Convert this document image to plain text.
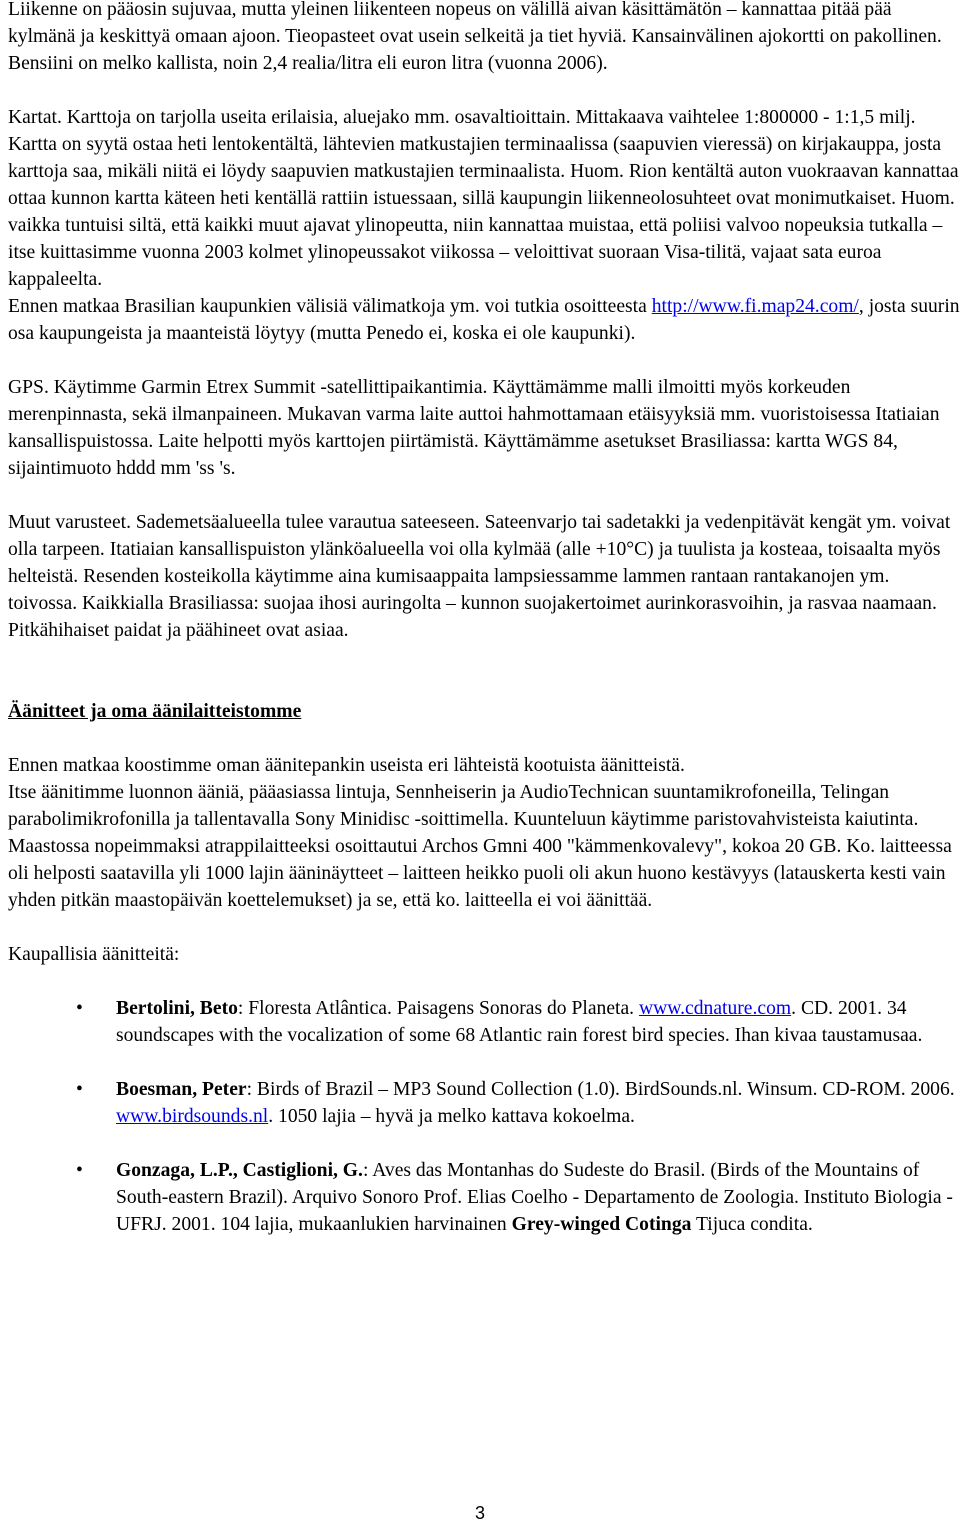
Liikenne on pääosin sujuvaa, mutta yleinen liikenteen nopeus on välillä aivan käsittämätön – kannattaa pitää pää kylmänä ja keskittyä omaan ajoon. Tieopasteet ovat usein selkeitä ja tiet hyviä. Kansainvälinen ajokortti on pakollinen. Bensiini on melko kallista, noin 2,4 realia/litra eli euron litra (vuonna 2006).

Kartat. Karttoja on tarjolla useita erilaisia, aluejako mm. osavaltioittain. Mittakaava vaihtelee 1:800000 - 1:1,5 milj. Kartta on syytä ostaa heti lentokentältä, lähtevien matkustajien terminaalissa (saapuvien vieressä) on kirjakauppa, josta karttoja saa, mikäli niitä ei löydy saapuvien matkustajien terminaalista. Huom. Rion kentältä auton vuokraavan kannattaa ottaa kunnon kartta käteen heti kentällä rattiin istuessaan, sillä kaupungin liikenneolosuhteet ovat monimutkaiset. Huom. vaikka tuntuisi siltä, että kaikki muut ajavat ylinopeutta, niin kannattaa muistaa, että poliisi valvoo nopeuksia tutkalla – itse kuittasimme vuonna 2003 kolmet ylinopeussakot viikossa – veloittivat suoraan Visa-tilitä, vajaat sata euroa kappaleelta.

Ennen matkaa Brasilian kaupunkien välisiä välimatkoja ym. voi tutkia osoitteesta http://www.fi.map24.com/, josta suurin osa kaupungeista ja maanteistä löytyy (mutta Penedo ei, koska ei ole kaupunki).

GPS. Käytimme Garmin Etrex Summit -satellittipaikantimia. Käyttämämme malli ilmoitti myös korkeuden merenpinnasta, sekä ilmanpaineen. Mukavan varma laite auttoi hahmottamaan etäisyyksiä mm. vuoristoisessa Itatiaian kansallispuistossa. Laite helpotti myös karttojen piirtämistä. Käyttämämme asetukset Brasiliassa: kartta WGS 84, sijaintimuoto hddd mm 'ss 's.

Muut varusteet. Sademetsäalueella tulee varautua sateeseen. Sateenvarjo tai sadetakki ja vedenpitävät kengät ym. voivat olla tarpeen. Itatiaian kansallispuiston ylänköalueella voi olla kylmää (alle +10°C) ja tuulista ja kosteaa, toisaalta myös helteistä. Resenden kosteikolla käytimme aina kumisaappaita lampsiessamme lammen rantaan rantakanojen ym. toivossa. Kaikkialla Brasiliassa: suojaa ihosi auringolta – kunnon suojakertoimet aurinkorasvoihin, ja rasvaa naamaan. Pitkähihaiset paidat ja päähineet ovat asiaa.

Äänitteet ja oma äänilaitteistomme

Ennen matkaa koostimme oman äänitepankin useista eri lähteistä kootuista äänitteistä.

Itse äänitimme luonnon ääniä, pääasiassa lintuja, Sennheiserin ja AudioTechnican suuntamikrofoneilla, Telingan parabolimikrofonilla ja tallentavalla Sony Minidisc -soittimella. Kuunteluun käytimme paristovahvisteista kaiutinta.

Maastossa nopeimmaksi atrappilaitteeksi osoittautui Archos Gmni 400 "kämmenkovalevy", kokoa 20 GB. Ko. laitteessa oli helposti saatavilla yli 1000 lajin ääninäytteet – laitteen heikko puoli oli akun huono kestävyys (latauskerta kesti vain yhden pitkän maastopäivän koettelemukset) ja se, että ko. laitteella ei voi äänittää.

Kaupallisia äänitteitä:

• Bertolini, Beto: Floresta Atlântica. Paisagens Sonoras do Planeta. www.cdnature.com. CD. 2001. 34 soundscapes with the vocalization of some 68 Atlantic rain forest bird species. Ihan kivaa taustamusaa.
• Boesman, Peter: Birds of Brazil – MP3 Sound Collection (1.0). BirdSounds.nl. Winsum. CD-ROM. 2006. www.birdsounds.nl. 1050 lajia – hyvä ja melko kattava kokoelma.
• Gonzaga, L.P., Castiglioni, G.: Aves das Montanhas do Sudeste do Brasil. (Birds of the Mountains of South-eastern Brazil). Arquivo Sonoro Prof. Elias Coelho - Departamento de Zoologia. Instituto Biologia - UFRJ. 2001. 104 lajia, mukaanlukien harvinainen Grey-winged Cotinga Tijuca condita.
3
